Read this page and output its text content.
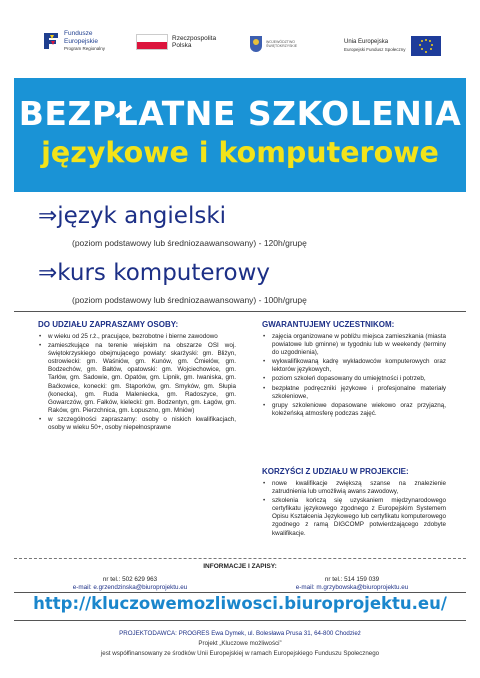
Fundusze
Europejskie
Program Regionalny
Rzeczpospolita
Polska
WOJEWÓDZTWO
ŚWIĘTOKRZYSKIE
Unia Europejska
Europejski Fundusz Społeczny
BEZPŁATNE SZKOLENIA
językowe i komputerowe
⇒język angielski
(poziom podstawowy lub średniozaawansowany) - 120h/grupę
⇒kurs komputerowy
(poziom podstawowy lub średniozaawansowany) - 100h/grupę
DO UDZIAŁU ZAPRASZAMY OSOBY:
• w wieku od 25 r.ż., pracujące, bezrobotne i bierne zawodowo
• zamieszkujące na terenie wiejskim na obszarze OSI woj. świętokrzyskiego obejmującego powiaty: skarżyski: gm. Bliżyn, ostrowiecki: gm. Waśniów, gm. Kunów, gm. Ćmielów, gm. Bodzechów, gm. Bałtów, opatowski: gm. Wojciechowice, gm. Tarłów, gm. Sadowie, gm. Opatów, gm. Lipnik, gm. Iwaniska, gm. Baćkowice, konecki: gm. Stąporków, gm. Smyków, gm. Słupia (konecka), gm. Ruda Maleniecka, gm. Radoszyce, gm. Gowarczów, gm. Fałków, kielecki: gm. Bodzentyn, gm. Łagów, gm. Raków, gm. Pierzchnica, gm. Łopuszno, gm. Mniów)
• w szczególności zapraszamy: osoby o niskich kwalifikacjach, osoby w wieku 50+, osoby niepełnosprawne
GWARANTUJEMY UCZESTNIKOM:
• zajęcia organizowane w pobliżu miejsca zamieszkania (miasta powiatowe lub gminne) w tygodniu lub w weekendy (terminy do uzgodnienia),
• wykwalifikowaną kadrę wykładowców komputerowych oraz lektorów językowych,
• poziom szkoleń dopasowany do umiejętności i potrzeb,
• bezpłatne podręczniki językowe i profesjonalne materiały szkoleniowe,
• grupy szkoleniowe dopasowane wiekowo oraz przyjazną, koleżeńską atmosferę podczas zajęć.
KORZYŚCI Z UDZIAŁU W PROJEKCIE:
• nowe kwalifikacje zwiększą szanse na znalezienie zatrudnienia lub umożliwią awans zawodowy,
• szkolenia kończą się uzyskaniem międzynarodowego certyfikatu językowego zgodnego z Europejskim Systemem Opisu Kształcenia Językowego lub certyfikatu komputerowego zgodnego z ramą DIGCOMP potwierdzającego zdobyte kwalifikacje.
INFORMACJE I ZAPISY:
nr tel.: 502 629 963
e-mail: e.grzendzinska@biuroprojektu.eu
nr tel.: 514 159 039
e-mail: m.grzybowska@biuroprojektu.eu
http://kluczowemozliwosci.biuroprojektu.eu/
PROJEKTODAWCA: PROGRES Ewa Dymek, ul. Bolesława Prusa 31, 64-800 Chodzież
Projekt „Kluczowe możliwości”
jest współfinansowany ze środków Unii Europejskiej w ramach Europejskiego Funduszu Społecznego
